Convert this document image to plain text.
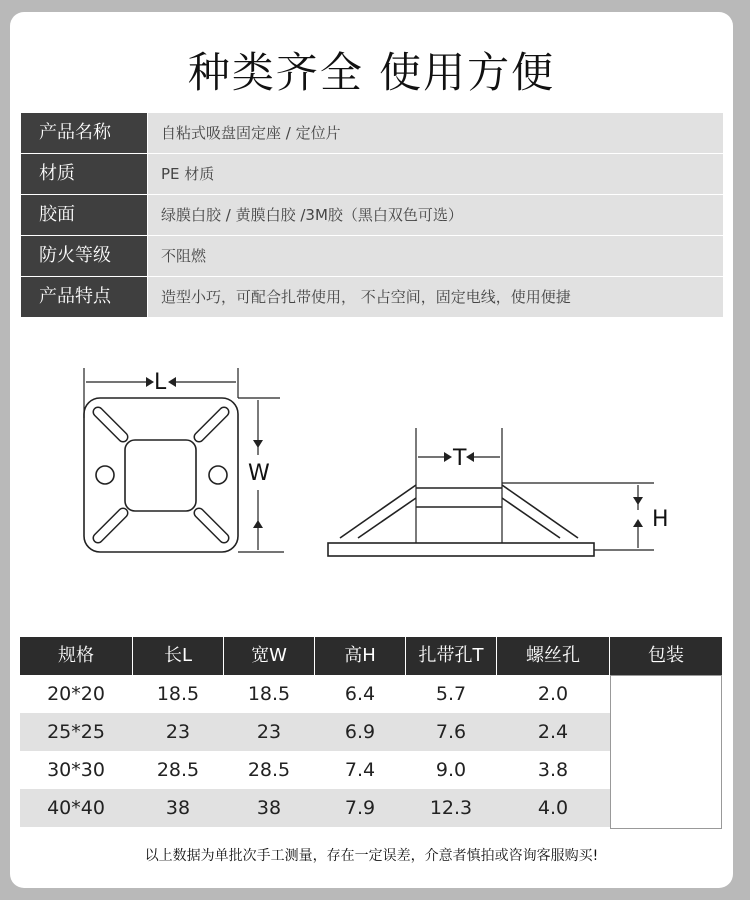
种类齐全 使用方便
产品名称	自粘式吸盘固定座 / 定位片
材质	PE 材质
胶面	绿膜白胶 / 黄膜白胶 /3M胶（黑白双色可选）
防火等级	不阻燃
产品特点	造型小巧，可配合扎带使用， 不占空间，固定电线，使用便捷
L
W
T
H
规格	长L	宽W	高H	扎带孔T	螺丝孔	包装
20*20	18.5	18.5	6.4	5.7	2.0
25*25	23	23	6.9	7.6	2.4
30*30	28.5	28.5	7.4	9.0	3.8
40*40	38	38	7.9	12.3	4.0
以上数据为单批次手工测量，存在一定误差，介意者慎拍或咨询客服购买!
